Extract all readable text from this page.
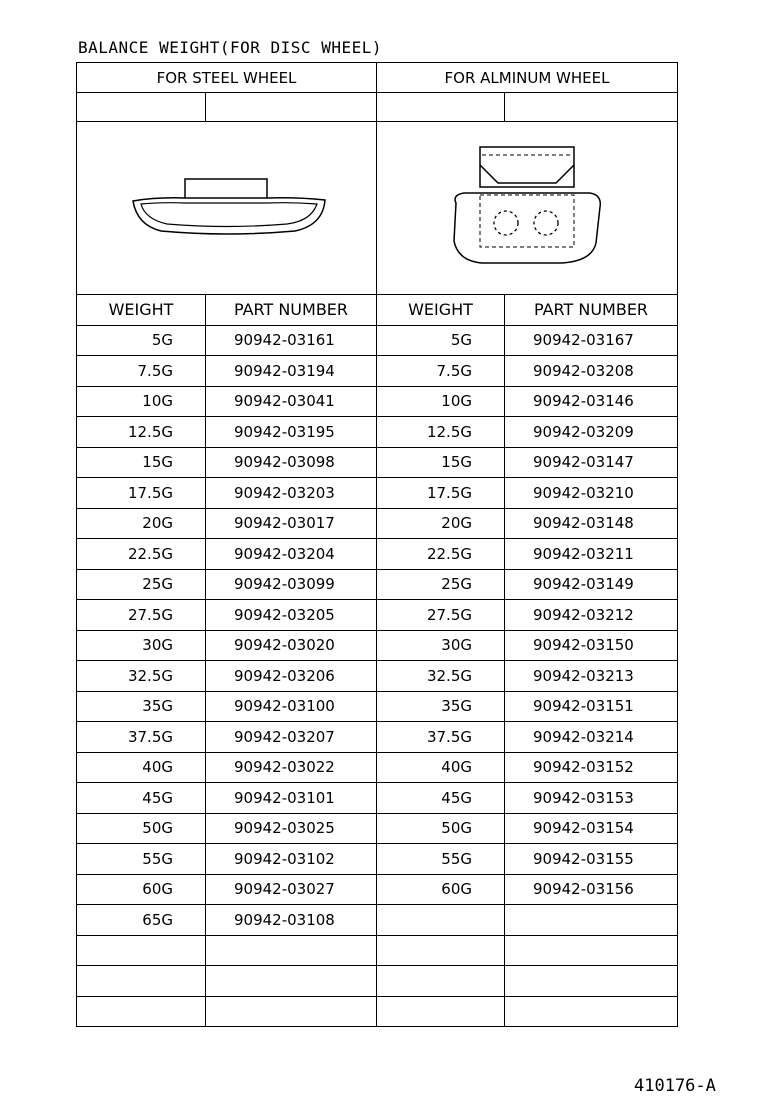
BALANCE WEIGHT(FOR DISC WHEEL)
FOR STEEL WHEEL		FOR ALMINUM WHEEL	

WEIGHT	PART NUMBER	WEIGHT	PART NUMBER
5G	90942-03161	5G	90942-03167
7.5G	90942-03194	7.5G	90942-03208
10G	90942-03041	10G	90942-03146
12.5G	90942-03195	12.5G	90942-03209
15G	90942-03098	15G	90942-03147
17.5G	90942-03203	17.5G	90942-03210
20G	90942-03017	20G	90942-03148
22.5G	90942-03204	22.5G	90942-03211
25G	90942-03099	25G	90942-03149
27.5G	90942-03205	27.5G	90942-03212
30G	90942-03020	30G	90942-03150
32.5G	90942-03206	32.5G	90942-03213
35G	90942-03100	35G	90942-03151
37.5G	90942-03207	37.5G	90942-03214
40G	90942-03022	40G	90942-03152
45G	90942-03101	45G	90942-03153
50G	90942-03025	50G	90942-03154
55G	90942-03102	55G	90942-03155
60G	90942-03027	60G	90942-03156
65G	90942-03108		

410176-A
